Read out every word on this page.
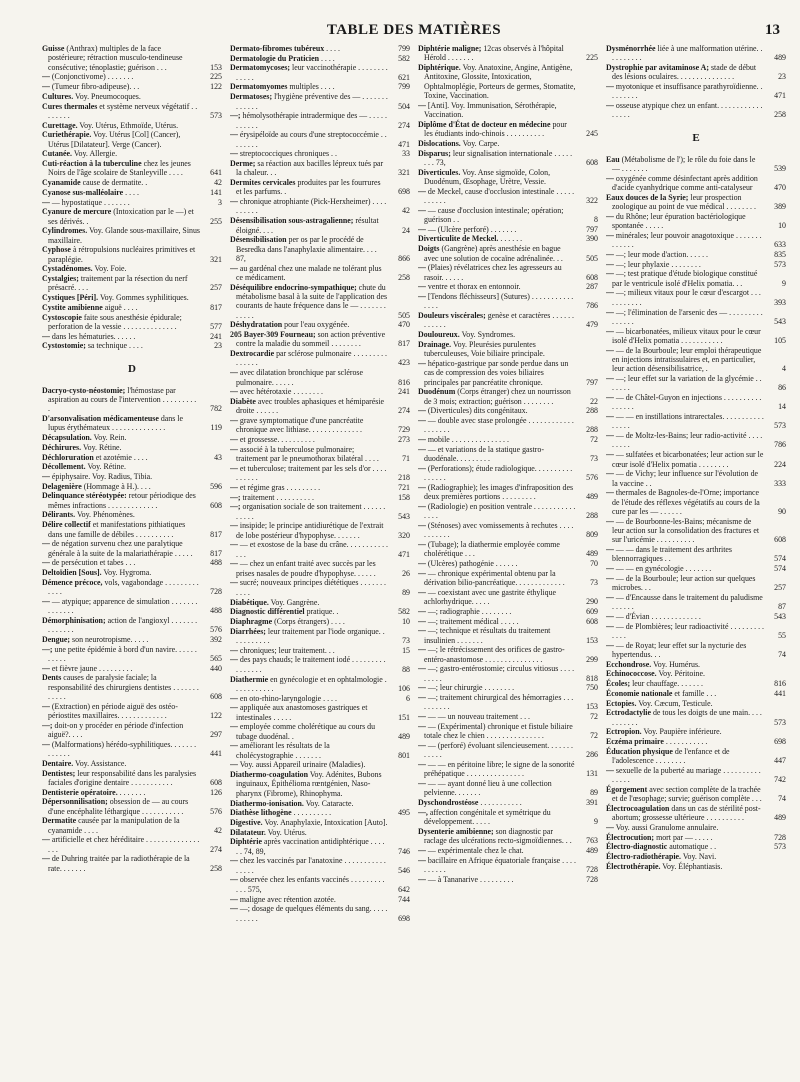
TABLE DES MATIÈRES	13
Guisse (Anthrax) multiples de la face postérieure; rétraction musculo-tendineuse consécutive; ténoplastie; guérison . . .	153
— (Conjonctivome) . . . . . . .	225
— (Tumeur fibro-adipeuse). . .	122
Cultures. Voy. Pneumocoques.
Cures thermales et système nerveux végétatif . . . . . . . .	573
Curettage. Voy. Utérus, Ethmoïde, Utérus.
Curiethérapie. Voy. Utérus [Col] (Cancer), Utérus [Dilatateur]. Verge (Cancer).
Cutanée. Voy. Allergie.
Cuti-réaction à la tuberculine chez les jeunes Noirs de l'âge scolaire de Stanleyville . . . .	641
Cyanamide cause de dermatite. .	42
Cyanose sus-malléolaire . . . .	141
— — hypostatique . . . . . . .	3
Cyanure de mercure (Intoxication par le —) et ses dérivés. .	255
Cylindromes. Voy. Glande sous-maxillaire, Sinus maxillaire.
Cyphose à rétropulsions nucléaires primitives et paraplégie.	321
Cystadénomes. Voy. Foie.
Cystalgies; traitement par la résection du nerf présacré. . . .	257
Cystiques [Péri]. Voy. Gommes syphilitiques.
Cystite amibienne aiguë . . . .	817
Cystoscopie faite sous anesthésie épidurale; perforation de la vessie . . . . . . . . . . . . . .	577
— dans les hématuries. . . . . .	241
Cystostomie; sa technique . . . .	23
D
Dacryo-cysto-néostomie; l'hémostase par aspiration au cours de l'intervention . . . . . . . . . .	782
D'arsonvalisation médicamenteuse dans le lupus érythémateux . . . . . . . . . . . . . .	119
Décapsulation. Voy. Rein.
Déchirures. Voy. Rétine.
Déchloruration et azotémie . . . .	43
Décollement. Voy. Rétine.
— épiphysaire. Voy. Radius, Tibia.
Delagenière (Hommage à H.). . . .	596
Delinquance stéréotypée: retour périodique des mêmes infractions . . . . . . . . . . . . .	608
Délirants. Voy. Phénomènes.
Délire collectif et manifestations pithiatiques dans une famille de débiles . . . . . . . . . .	817
— de négation survenu chez une paralytique générale à la suite de la malariathérapie . . . . . 817
— de persécution et tabes . . .	488
Deltoïdien [Sous]. Voy. Hygroma.
Démence précoce, vols, vagabondage . . . . . . . . . . . . .	728
— — atypique; apparence de simulation . . . . . . . . . . . . . .	488
Démorphinisation; action de l'angioxyl . . . . . . . . . . . . . .	576
Dengue; son neurotropisme. . . . .	392
—; une petite épidémie à bord d'un navire. . . . . . . . . . .	565
— et fièvre jaune . . . . . . . . .	440
Dents causes de paralysie faciale; la responsabilité des chirurgiens dentistes . . . . . . . . . . . .	608
— (Extraction) en période aiguë des ostéo-périostites maxillaires. . . . . . . . . . . . .	122
—; doit-on y procéder en période d'infection aiguë?. . . .	297
— (Malformations) hérédo-syphilitiques. . . . . . . . . . . . .	441
Dentaire. Voy. Assistance.
Dentistes; leur responsabilité dans les paralysies faciales d'origine dentaire . . . . . . . . . . .	608
Dentisterie opératoire. . . . . . . .	126
Dépersonnilisation; obsession de — au cours d'une encéphalite léthargique . . . . . . . . . . .	576
Dermatite causée par la manipulation de la cyanamide . . . .	42
— artificielle et chez héréditaire . . . . . . . . . . . . . . . . .	274
— de Duhring traitée par la radiothérapie de la rate. . . . . . .	258
Dermato-fibromes tubéreux . . . .	799
Dermatologie du Praticien . . . .	582
Dermatomycoses; leur vaccinothérapie . . . . . . . . . . . . .	621
Dermatomyomes multiples . . . .	799
Dermatoses; l'hygiène préventive des — . . . . . . . . . . . . .	504
—; hémolysothérapie intradermique des — . . . . . . . . . . .	274
— érysipéloïde au cours d'une streptococcémie . . . . . . . .	471
— streptococciques chroniques . .	33
Derme; sa réaction aux bacilles lépreux tués par la chaleur. . .	321
Dermites cervicales produites par les fourrures et les parfums. .	698
— chronique atrophiante (Pick-Herxheimer) . . . . . . . . . .	42
Désensibilisation sous-astragalienne; résultat éloigné. . . .	24
Désensibilisation per os par le procédé de Besredka dans l'anaphylaxie alimentaire. . . . 87,	866
— au gardénal chez une malade ne tolérant plus ce médicament.	258
Déséquilibre endocrino-sympathique; chute du métabolisme basal à la suite de l'application des courants de haute fréquence dans le — . . . . . . . . . . . .	505
Déshydratation pour l'eau oxygénée.	470
205 Bayer-309 Fourneau; son action préventive contre la maladie du sommeil . . . . . . . .	817
Dextrocardie par sclérose pulmonaire . . . . . . . . . . . . . . .	423
— avec dilatation bronchique par sclérose pulmonaire. . . . . .	816
— avec hétérotaxie . . . . . . . .	241
Diabète avec troubles aphasiques et hémiparésie droite . . . . . .	274
— grave symptomatique d'une pancréatite chronique avec lithiase. . . . . . . . . . . . . .	729
— et grossesse. . . . . . . . . .	273
— associé à la tuberculose pulmonaire; traitement par le pneumothorax bilatéral . . . .	71
— et tuberculose; traitement par les sels d'or . . . . . . . . . .	218
— et régime gras . . . . . . . . .	721
—; traitement . . . . . . . . . .	158
—; organisation sociale de son traitement . . . . . . . . . . .	543
— insipide; le principe antidiurétique de l'extrait de lobe postérieur d'hypophyse. . . . . . .	320
— — et exostose de la base du crâne. . . . . . . . . . . . . .	471
— — chez un enfant traité avec succès par les prises nasales de poudre d'hypophyse. . . . . .	26
— sucré; nouveaux principes diététiques . . . . . . . . . . .	89
Diabétique. Voy. Gangrène.
Diagnostic différentiel pratique. .	582
Diaphragme (Corps étrangers) . . . .	10
Diarrhées; leur traitement par l'iode organique. . . . . . . . . . .	73
— chroniques; leur traitement. . .	15
— des pays chauds; le traitement iodé . . . . . . . . . . . . . . . .	88
Diathermie en gynécologie et en ophtalmologie . . . . . . . . . . .	106
— en oto-rhino-laryngologie . . . .	6
— appliquée aux anastomoses gastriques et intestinales . . . . .	151
— employée comme cholérétique au cours du tubage duodénal. .	489
— améliorant les résultats de la cholécystographie . . . . . . .	801
— Voy. aussi Appareil urinaire (Maladies).
Diathermo-coagulation Voy. Adénites, Bubons inguinaux, Épithélioma rœntgénien, Naso-pharynx (Fibrome), Rhinophyma.
Diathermo-ionisation. Voy. Cataracte.
Diathèse lithogène . . . . . . . . . .	495
Digestive. Voy. Anaphylaxie, Intoxication [Auto].
Dilatateur. Voy. Utérus.
Diphtérie après vaccination antidiphtérique . . . . . . 74, 89,	746
— chez les vaccinés par l'anatoxine . . . . . . . . . . . . . . . .	546
— observée chez les enfants vaccinés . . . . . . . . . . . . 575,	642
— maligne avec rétention azotée.	744
— —; dosage de quelques éléments du sang. . . . . . . . . . .	698
Diphtérie maligne; 12cas observés à l'hôpital Hérold . . . . . . .	225
Diphtérique. Voy. Anatoxine, Angine, Antigène, Antitoxine, Glossite, Intoxication, Ophtalmoplégie, Porteurs de germes, Stomatite, Toxine, Vaccination.
— [Anti]. Voy. Immunisation, Sérothérapie, Vaccination.
Diplôme d'État de docteur en médecine pour les étudiants indo-chinois . . . . . . . . . .	245
Dislocations. Voy. Carpe.
Disparus; leur signalisation internationale . . . . . . . . 73,	608
Diverticules. Voy. Anse sigmoïde, Colon, Duodénum, Œsophage, Urètre, Vessie.
— de Meckel, cause d'occlusion intestinale . . . . . . . . . . .	322
— — cause d'occlusion intestinale; opération; guérison . .	8
— — (Ulcère perforé) . . . . . . .	797
Diverticulite de Meckel. . . . . . .	390
Doigts (Gangrène) après anesthésie en bague avec une solution de cocaïne adrénalinée. . .	505
— (Plaies) révélatrices chez les agresseurs au rasoir. . . . . .	608
— ventre et thorax en entonnoir.	287
— [Tendons fléchisseurs] (Sutures) . . . . . . . . . . . . . . .	786
Douleurs viscérales; genèse et caractères . . . . . . . . . . . .	479
Douloureux. Voy. Syndromes.
Drainage. Voy. Pleurésies purulentes tuberculeuses, Voie biliaire principale.
— hépatico-gastrique par sonde perdue dans un cas de compression des voies biliaires principales par pancréatite chronique.	797
Duodénum (Corps étranger) chez un nourrisson de 3 mois; extraction; guérison . . . . . . . .	22
— (Diverticules) dits congénitaux.	288
— — double avec stase prolongée . . . . . . . . . . . . . . . . . . .	288
— mobile . . . . . . . . . . . . . . .	72
— — et variations de la statique gastro-duodénale. . . . . . . . .	73
— (Perforations); étude radiologique. . . . . . . . . . . . . . . .	576
— (Radiographie); les images d'infraposition des deux premières portions . . . . . . . . .	489
— (Radiologie) en position ventrale . . . . . . . . . . . . . . .	288
— (Sténoses) avec vomissements à rechutes . . . . . . . . . . .	809
— (Tubage); la diathermie employée comme cholérétique . . .	489
— (Ulcères) pathogénie . . . . . .	70
— — chronique expérimental obtenu par la dérivation bilio-pancréatique. . . . . . . . . . . . .	73
— — coexistant avec une gastrite éthylique achlorhydrique. . . . .	290
— —; radiographie . . . . . . . .	609
— —; traitement médical . . . . .	608
— —; technique et résultats du traitement insulinien . . . . . . .	153
— —; le rétrécissement des orifices de gastro-entéro-anastomose . . . . . . . . . . . . . . .	299
— —; gastro-entérostomie; circulus vitiosus . . . . . . . . .	818
— —; leur chirurgie . . . . . . . .	750
— —; traitement chirurgical des hémorragies . . . . . . . . . .	153
— — — un nouveau traitement . . .	72
— — (Expérimental) chronique et fistule biliaire totale chez le chien . . . . . . . . . . . . . . .	72
— — (perforé) évoluant silencieusement. . . . . . . . . . . .	286
— — — en péritoine libre; le signe de la sonorité préhépatique . . . . . . . . . . . . . . .	131
— — — ayant donné lieu à une collection pelvienne. . . . . . .	89
Dyschondrostéose . . . . . . . . . . .	391
—, affection congénitale et symétrique du développement. . . . .	9
Dysenterie amibienne; son diagnostic par raclage des ulcérations recto-sigmoïdiennes. . . 763
— — expérimentale chez le chat.	489
— bacillaire en Afrique équatoriale française . . . . . . . . . .	728
— — à Tananarive . . . . . . . . .	728
Dysménorrhée liée à une malformation utérine. . . . . . . . . .	489
Dystrophie par avitaminose A; stade de début des lésions oculaires. . . . . . . . . . . . . . .	23
— myotonique et insuffisance parathyroïdienne. . . . . . . . .	471
— osseuse atypique chez un enfant. . . . . . . . . . . . . . . . .	258
E
Eau (Métabolisme de l'); le rôle du foie dans le — . . . . . . .	539
— oxygénée comme désinfectant après addition d'acide cyanhydrique comme anti-catalyseur	470
Eaux douces de la Syrie; leur prospection zoologique au point de vue médical . . . . . . . . 389
— du Rhône; leur épuration bactériologique spontanée . . . . .	10
— minérales; leur pouvoir anagotoxique . . . . . . . . . . . . .	633
— —; leur mode d'action. . . . . .	835
— —; leur phylaxie . . . . . . . .	573
— —; test pratique d'étude biologique constitué par le ventricule isolé d'Helix pomatia. . .	9
— —; milieux vitaux pour le cœur d'escargot . . . . . . . . . . .	393
— —; l'élimination de l'arsenic des — . . . . . . . . . . . . . . .	543
— — bicarbonatées, milieux vitaux pour le cœur isolé d'Helix pomatia . . . . . . . . . . .	105
— — de la Bourboule; leur emploi thérapeutique en injections intratissulaires et, en particulier, leur action désensibilisatrice, .	4
— —; leur effet sur la variation de la glycémie . . . . . . .	86
— — de Châtel-Guyon en injections . . . . . . . . . . . . . . . .	14
— — — en instillations intrarectales. . . . . . . . . . . . . . . .	573
— — de Moltz-les-Bains; leur radio-activité . . . . . . . . .	786
— — sulfatées et bicarbonatées; leur action sur le cœur isolé d'Helix pomatia . . . . . . . .	224
— — de Vichy; leur influence sur l'évolution de la vaccine . .	333
— thermales de Bagnoles-de-l'Orne; importance de l'étude des réflexes végétatifs au cours de la cure par les — . . . . . .	90
— — de Bourbonne-les-Bains; mécanisme de leur action sur la consolidation des fractures et sur l'uricémie . . . . . . . . . .	608
— — — dans le traitement des arthrites blennorragiques . .	574
— — — en gynécologie . . . . . . .	574
— — de la Bourboule; leur action sur quelques microbes. . .	257
— — d'Encausse dans le traitement du paludisme . . . . . .	87
— — d'Évian . . . . . . . . . . . . .	543
— — de Plombières; leur radioactivité . . . . . . . . . . . . .	55
— — de Royat; leur effet sur la nycturie des hypertendus. . .	74
Ecchondrose. Voy. Humérus.
Echinococcose. Voy. Péritoine.
Écoles; leur chauffage. . . . . . .	816
Économie nationale et famille . . .	441
Ectopies. Voy. Cæcum, Testicule.
Ectrodactylie de tous les doigts de une main. . . . . . . . . . .	573
Ectropion. Voy. Paupière inférieure.
Eczéma primaire . . . . . . . . . . .	698
Éducation physique de l'enfance et de l'adolescence . . . . . . . .	447
— sexuelle de la puberté au mariage . . . . . . . . . . . . . . .	742
Égorgement avec section complète de la trachée et de l'œsophage; survie; guérison complète . . . 74
Électrocoagulation dans un cas de stérilité post-abortum; grossesse ultérieure . . . . . . . . . .	489
— Voy. aussi Granulome annulaire.
Électrocution; mort par — . . . . .	728
Électro-diagnostic automatique . .	573
Électro-radiothérapie. Voy. Navi.
Électrothérapie. Voy. Éléphantiasis.
